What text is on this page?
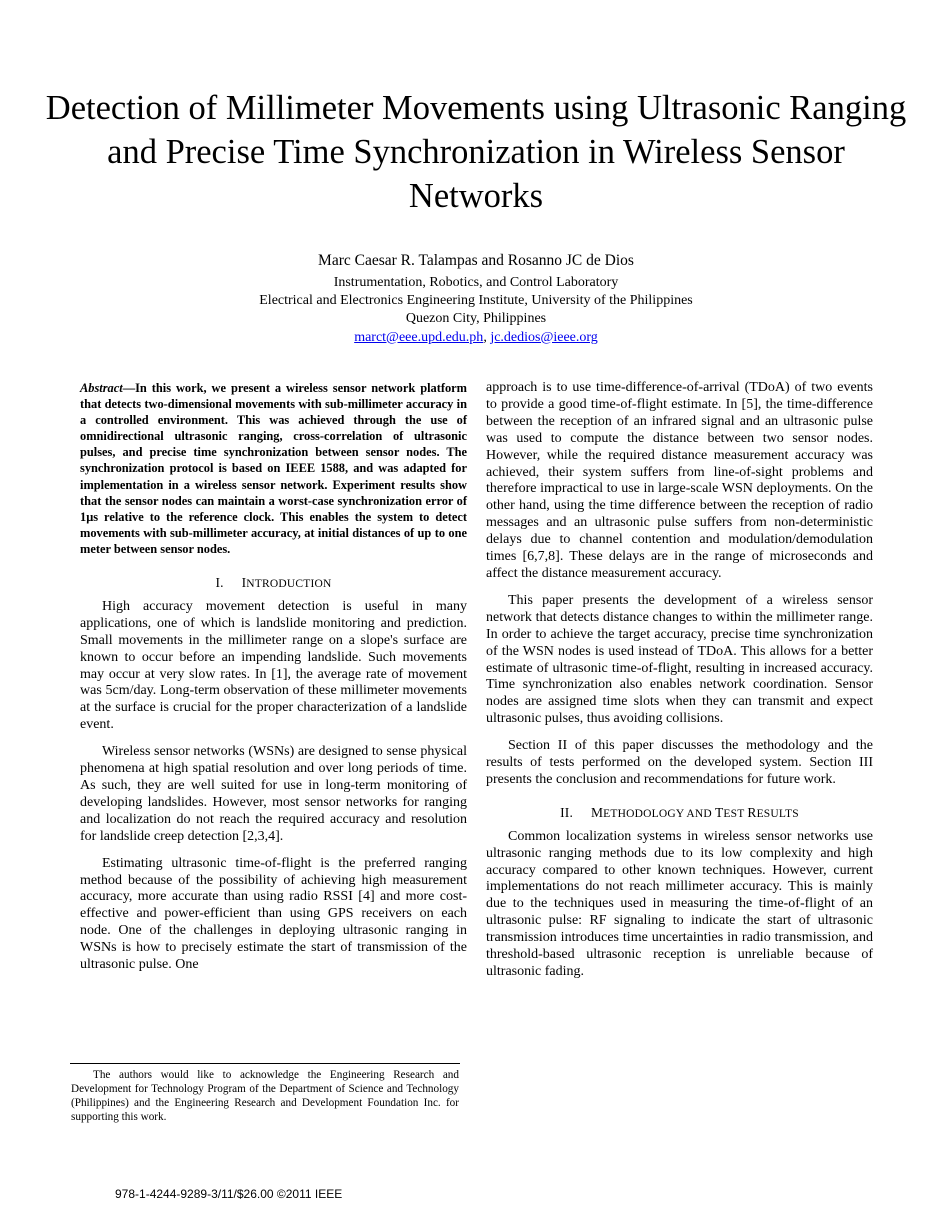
Detection of Millimeter Movements using Ultrasonic Ranging and Precise Time Synchronization in Wireless Sensor Networks
Marc Caesar R. Talampas and Rosanno JC de Dios
Instrumentation, Robotics, and Control Laboratory
Electrical and Electronics Engineering Institute, University of the Philippines
Quezon City, Philippines
marct@eee.upd.edu.ph, jc.dedios@ieee.org
Abstract—In this work, we present a wireless sensor network platform that detects two-dimensional movements with sub-millimeter accuracy in a controlled environment. This was achieved through the use of omnidirectional ultrasonic ranging, cross-correlation of ultrasonic pulses, and precise time synchronization between sensor nodes. The synchronization protocol is based on IEEE 1588, and was adapted for implementation in a wireless sensor network. Experiment results show that the sensor nodes can maintain a worst-case synchronization error of 1μs relative to the reference clock. This enables the system to detect movements with sub-millimeter accuracy, at initial distances of up to one meter between sensor nodes.
I. INTRODUCTION

High accuracy movement detection is useful in many applications, one of which is landslide monitoring and prediction. Small movements in the millimeter range on a slope's surface are known to occur before an impending landslide. Such movements may occur at very slow rates. In [1], the average rate of movement was 5cm/day. Long-term observation of these millimeter movements at the surface is crucial for the proper characterization of a landslide event.

Wireless sensor networks (WSNs) are designed to sense physical phenomena at high spatial resolution and over long periods of time. As such, they are well suited for use in long-term monitoring of developing landslides. However, most sensor networks for ranging and localization do not reach the required accuracy and resolution for landslide creep detection [2,3,4].

Estimating ultrasonic time-of-flight is the preferred ranging method because of the possibility of achieving high measurement accuracy, more accurate than using radio RSSI [4] and more cost-effective and power-efficient than using GPS receivers on each node. One of the challenges in deploying ultrasonic ranging in WSNs is how to precisely estimate the start of transmission of the ultrasonic pulse. One

approach is to use time-difference-of-arrival (TDoA) of two events to provide a good time-of-flight estimate. In [5], the time-difference between the reception of an infrared signal and an ultrasonic pulse was used to compute the distance between two sensor nodes. However, while the required distance measurement accuracy was achieved, their system suffers from line-of-sight problems and therefore impractical to use in large-scale WSN deployments. On the other hand, using the time difference between the reception of radio messages and an ultrasonic pulse suffers from non-deterministic delays due to channel contention and modulation/demodulation times [6,7,8]. These delays are in the range of microseconds and affect the distance measurement accuracy.

This paper presents the development of a wireless sensor network that detects distance changes to within the millimeter range. In order to achieve the target accuracy, precise time synchronization of the WSN nodes is used instead of TDoA. This allows for a better estimate of ultrasonic time-of-flight, resulting in increased accuracy. Time synchronization also enables network coordination. Sensor nodes are assigned time slots when they can transmit and expect ultrasonic pulses, thus avoiding collisions.

Section II of this paper discusses the methodology and the results of tests performed on the developed system. Section III presents the conclusion and recommendations for future work.

II. METHODOLOGY AND TEST RESULTS

Common localization systems in wireless sensor networks use ultrasonic ranging methods due to its low complexity and high accuracy compared to other known techniques. However, current implementations do not reach millimeter accuracy. This is mainly due to the techniques used in measuring the time-of-flight of an ultrasonic pulse: RF signaling to indicate the start of ultrasonic transmission introduces time uncertainties in radio transmission, and threshold-based ultrasonic reception is unreliable because of ultrasonic fading.

The authors would like to acknowledge the Engineering Research and Development for Technology Program of the Department of Science and Technology (Philippines) and the Engineering Research and Development Foundation Inc. for supporting this work.
978-1-4244-9289-3/11/$26.00 ©2011 IEEE
